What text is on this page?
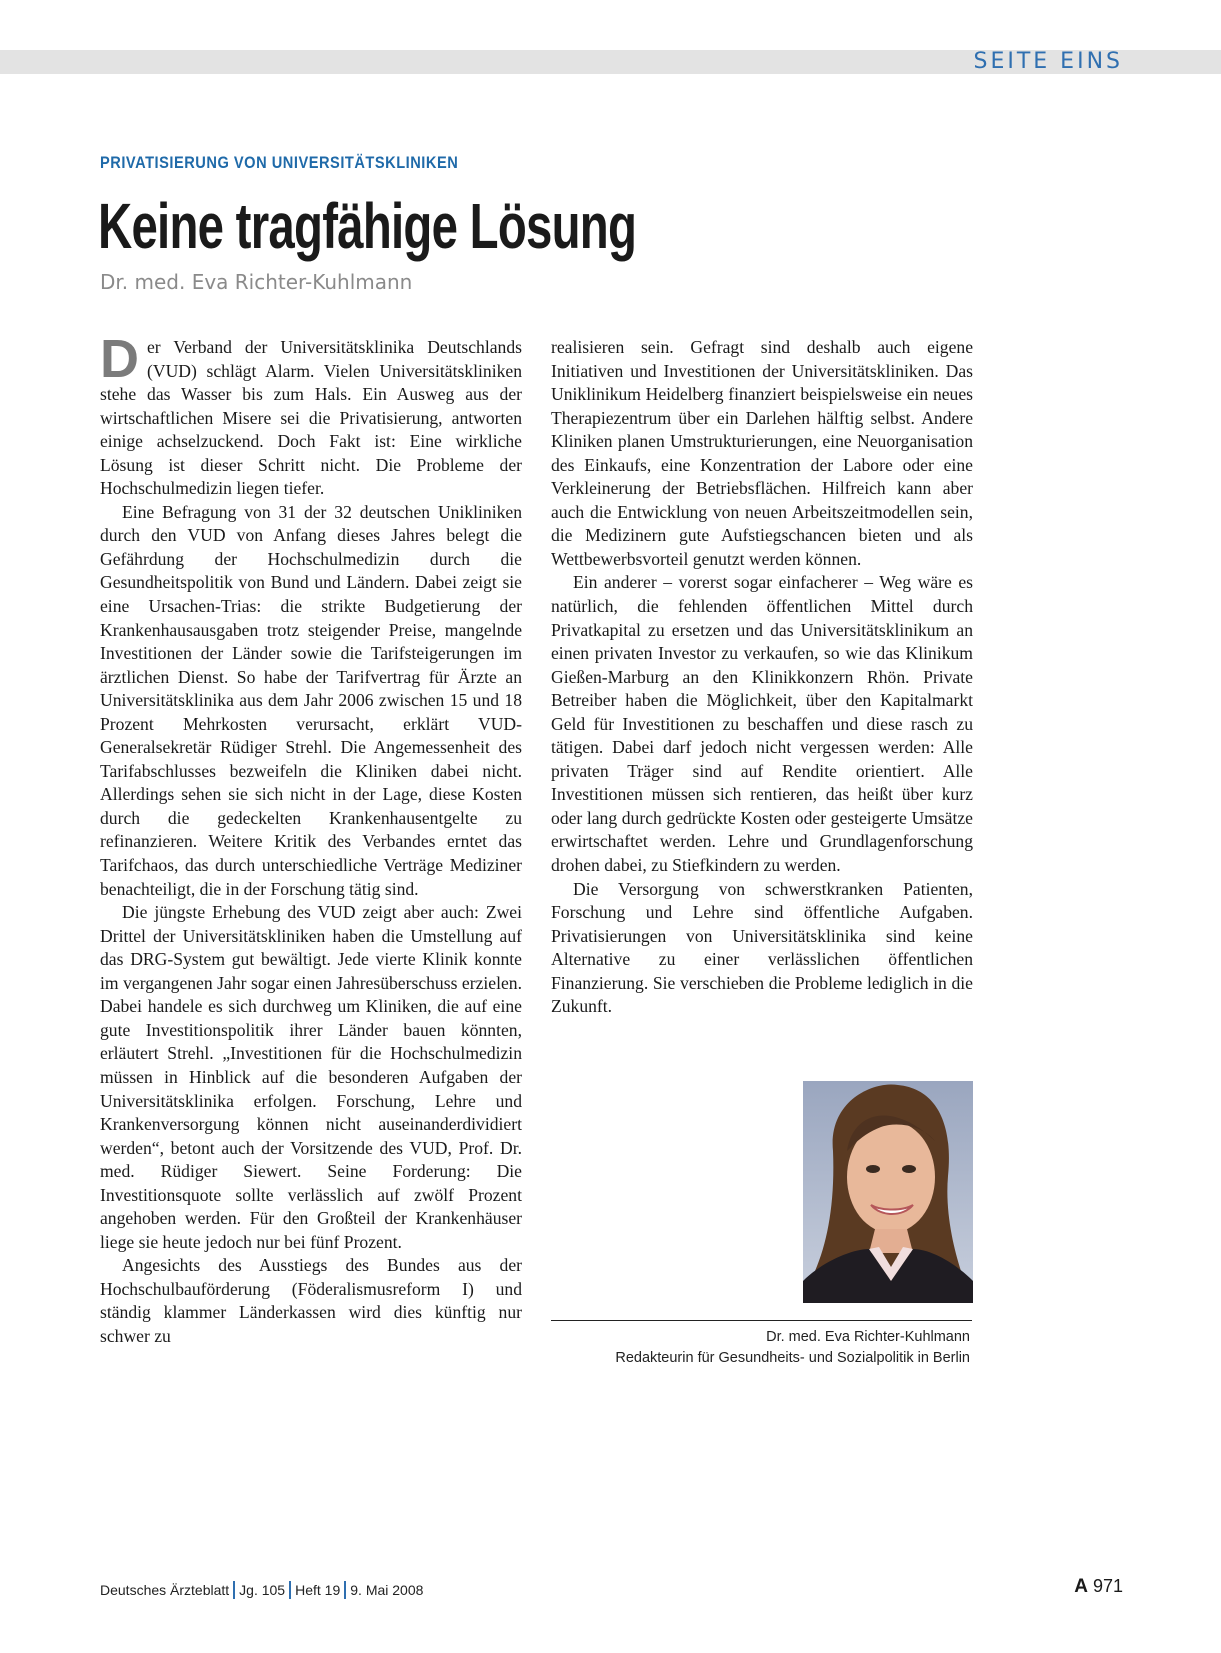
SEITE EINS
PRIVATISIERUNG VON UNIVERSITÄTSKLINIKEN
Keine tragfähige Lösung
Dr. med. Eva Richter-Kuhlmann

Der Verband der Universitätsklinika Deutschlands (VUD) schlägt Alarm. Vielen Universitätskliniken stehe das Wasser bis zum Hals. Ein Ausweg aus der wirtschaftlichen Misere sei die Privatisierung, antworten einige achselzuckend. Doch Fakt ist: Eine wirkliche Lösung ist dieser Schritt nicht. Die Probleme der Hochschulmedizin liegen tiefer.

Eine Befragung von 31 der 32 deutschen Unikliniken durch den VUD von Anfang dieses Jahres belegt die Gefährdung der Hochschulmedizin durch die Gesundheitspolitik von Bund und Ländern. Dabei zeigt sie eine Ursachen-Trias: die strikte Budgetierung der Krankenhausausgaben trotz steigender Preise, mangelnde Investitionen der Länder sowie die Tarifsteigerungen im ärztlichen Dienst. So habe der Tarifvertrag für Ärzte an Universitätsklinika aus dem Jahr 2006 zwischen 15 und 18 Prozent Mehrkosten verursacht, erklärt VUD-Generalsekretär Rüdiger Strehl. Die Angemessenheit des Tarifabschlusses bezweifeln die Kliniken dabei nicht. Allerdings sehen sie sich nicht in der Lage, diese Kosten durch die gedeckelten Krankenhausentgelte zu refinanzieren. Weitere Kritik des Verbandes erntet das Tarifchaos, das durch unterschiedliche Verträge Mediziner benachteiligt, die in der Forschung tätig sind.

Die jüngste Erhebung des VUD zeigt aber auch: Zwei Drittel der Universitätskliniken haben die Umstellung auf das DRG-System gut bewältigt. Jede vierte Klinik konnte im vergangenen Jahr sogar einen Jahresüberschuss erzielen. Dabei handele es sich durchweg um Kliniken, die auf eine gute Investitionspolitik ihrer Länder bauen könnten, erläutert Strehl. „Investitionen für die Hochschulmedizin müssen in Hinblick auf die besonderen Aufgaben der Universitätsklinika erfolgen. Forschung, Lehre und Krankenversorgung können nicht auseinanderdividiert werden“, betont auch der Vorsitzende des VUD, Prof. Dr. med. Rüdiger Siewert. Seine Forderung: Die Investitionsquote sollte verlässlich auf zwölf Prozent angehoben werden. Für den Großteil der Krankenhäuser liege sie heute jedoch nur bei fünf Prozent.

Angesichts des Ausstiegs des Bundes aus der Hochschulbauförderung (Föderalismusreform I) und ständig klammer Länderkassen wird dies künftig nur schwer zu

realisieren sein. Gefragt sind deshalb auch eigene Initiativen und Investitionen der Universitätskliniken. Das Uniklinikum Heidelberg finanziert beispielsweise ein neues Therapiezentrum über ein Darlehen hälftig selbst. Andere Kliniken planen Umstrukturierungen, eine Neuorganisation des Einkaufs, eine Konzentration der Labore oder eine Verkleinerung der Betriebsflächen. Hilfreich kann aber auch die Entwicklung von neuen Arbeitszeitmodellen sein, die Medizinern gute Aufstiegschancen bieten und als Wettbewerbsvorteil genutzt werden können.

Ein anderer – vorerst sogar einfacherer – Weg wäre es natürlich, die fehlenden öffentlichen Mittel durch Privatkapital zu ersetzen und das Universitätsklinikum an einen privaten Investor zu verkaufen, so wie das Klinikum Gießen-Marburg an den Klinikkonzern Rhön. Private Betreiber haben die Möglichkeit, über den Kapitalmarkt Geld für Investitionen zu beschaffen und diese rasch zu tätigen. Dabei darf jedoch nicht vergessen werden: Alle privaten Träger sind auf Rendite orientiert. Alle Investitionen müssen sich rentieren, das heißt über kurz oder lang durch gedrückte Kosten oder gesteigerte Umsätze erwirtschaftet werden. Lehre und Grundlagenforschung drohen dabei, zu Stiefkindern zu werden.

Die Versorgung von schwerstkranken Patienten, Forschung und Lehre sind öffentliche Aufgaben. Privatisierungen von Universitätsklinika sind keine Alternative zu einer verlässlichen öffentlichen Finanzierung. Sie verschieben die Probleme lediglich in die Zukunft.

Dr. med. Eva Richter-Kuhlmann
Redakteurin für Gesundheits- und Sozialpolitik in Berlin
Deutsches Ärzteblatt Jg. 105 Heft 19 9. Mai 2008	A 971
